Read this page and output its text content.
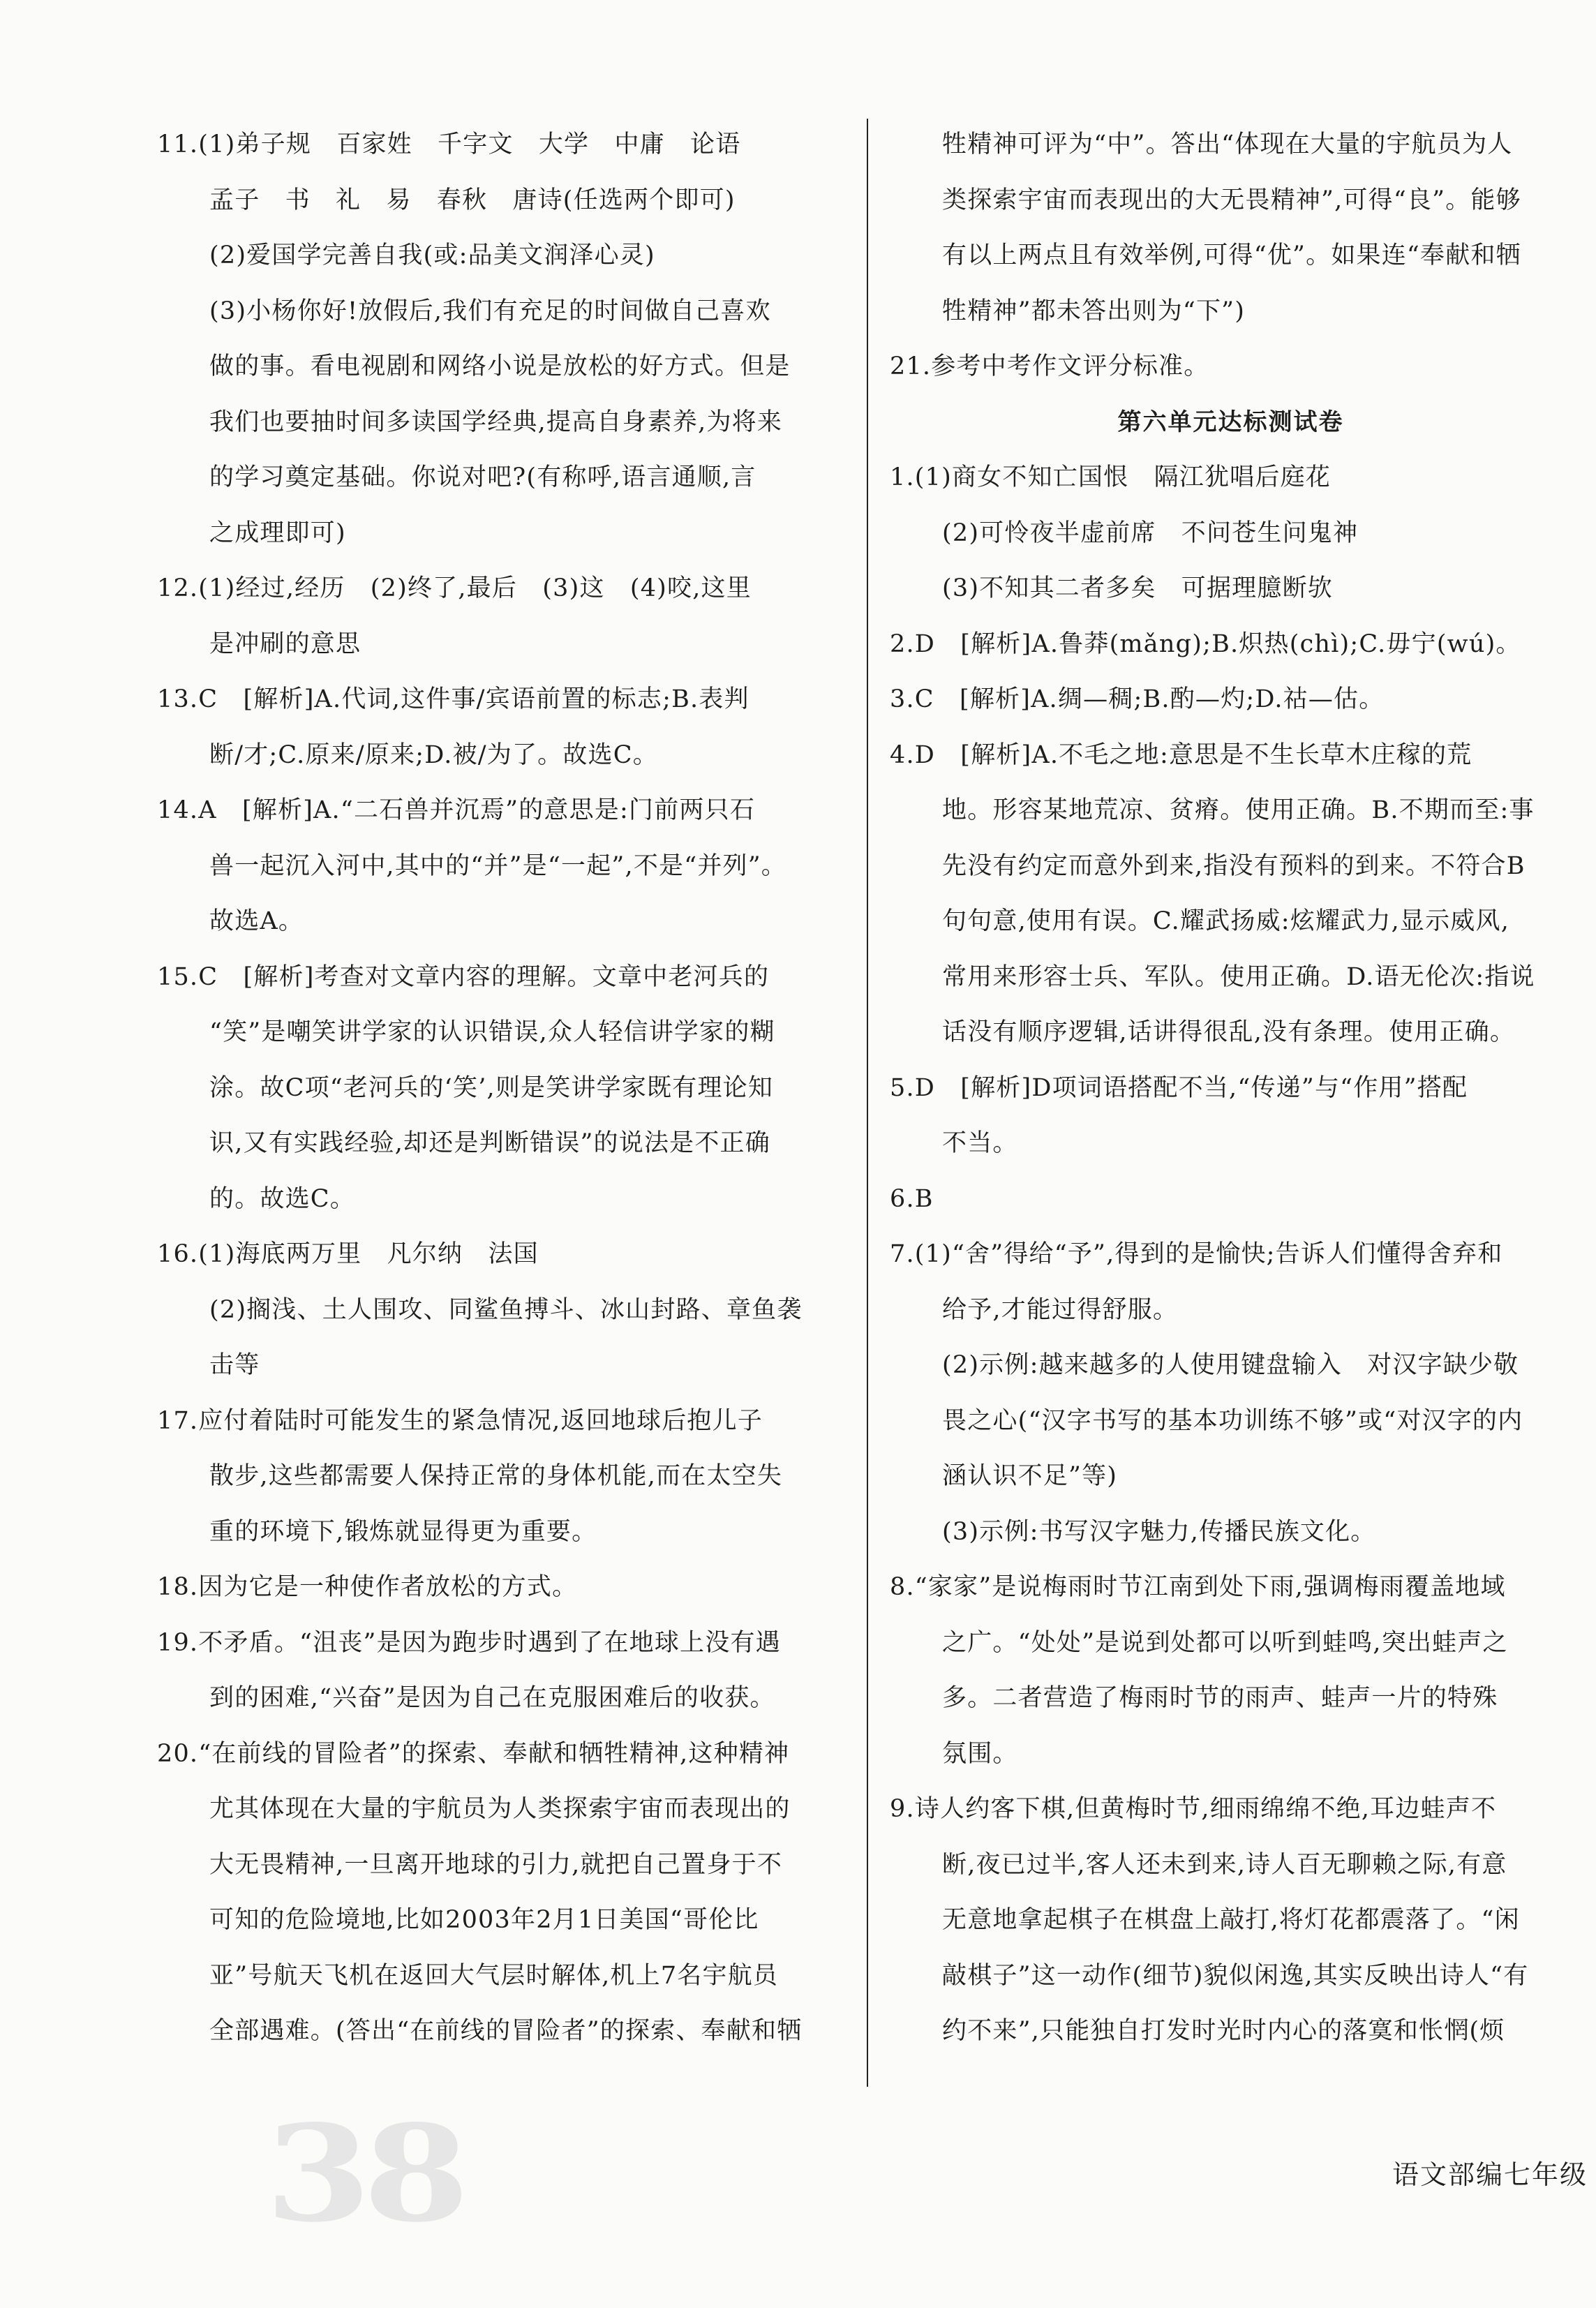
11.(1)弟子规　百家姓　千字文　大学　中庸　论语
孟子　书　礼　易　春秋　唐诗(任选两个即可)
(2)爱国学完善自我(或:品美文润泽心灵)
(3)小杨你好!放假后,我们有充足的时间做自己喜欢
做的事。看电视剧和网络小说是放松的好方式。但是
我们也要抽时间多读国学经典,提高自身素养,为将来
的学习奠定基础。你说对吧?(有称呼,语言通顺,言
之成理即可)
12.(1)经过,经历　(2)终了,最后　(3)这　(4)咬,这里
是冲刷的意思
13.C　[解析]A.代词,这件事/宾语前置的标志;B.表判
断/才;C.原来/原来;D.被/为了。故选C。
14.A　[解析]A.“二石兽并沉焉”的意思是:门前两只石
兽一起沉入河中,其中的“并”是“一起”,不是“并列”。
故选A。
15.C　[解析]考查对文章内容的理解。文章中老河兵的
“笑”是嘲笑讲学家的认识错误,众人轻信讲学家的糊
涂。故C项“老河兵的‘笑’,则是笑讲学家既有理论知
识,又有实践经验,却还是判断错误”的说法是不正确
的。故选C。
16.(1)海底两万里　凡尔纳　法国
(2)搁浅、土人围攻、同鲨鱼搏斗、冰山封路、章鱼袭
击等
17.应付着陆时可能发生的紧急情况,返回地球后抱儿子
散步,这些都需要人保持正常的身体机能,而在太空失
重的环境下,锻炼就显得更为重要。
18.因为它是一种使作者放松的方式。
19.不矛盾。“沮丧”是因为跑步时遇到了在地球上没有遇
到的困难,“兴奋”是因为自己在克服困难后的收获。
20.“在前线的冒险者”的探索、奉献和牺牲精神,这种精神
尤其体现在大量的宇航员为人类探索宇宙而表现出的
大无畏精神,一旦离开地球的引力,就把自己置身于不
可知的危险境地,比如2003年2月1日美国“哥伦比
亚”号航天飞机在返回大气层时解体,机上7名宇航员
全部遇难。(答出“在前线的冒险者”的探索、奉献和牺
牲精神可评为“中”。答出“体现在大量的宇航员为人
类探索宇宙而表现出的大无畏精神”,可得“良”。能够
有以上两点且有效举例,可得“优”。如果连“奉献和牺
牲精神”都未答出则为“下”)
21.参考中考作文评分标准。
第六单元达标测试卷
1.(1)商女不知亡国恨　隔江犹唱后庭花
(2)可怜夜半虚前席　不问苍生问鬼神
(3)不知其二者多矣　可据理臆断欤
2.D　[解析]A.鲁莽(mǎng);B.炽热(chì);C.毋宁(wú)。
3.C　[解析]A.绸—稠;B.酌—灼;D.祜—估。
4.D　[解析]A.不毛之地:意思是不生长草木庄稼的荒
地。形容某地荒凉、贫瘠。使用正确。B.不期而至:事
先没有约定而意外到来,指没有预料的到来。不符合B
句句意,使用有误。C.耀武扬威:炫耀武力,显示威风,
常用来形容士兵、军队。使用正确。D.语无伦次:指说
话没有顺序逻辑,话讲得很乱,没有条理。使用正确。
5.D　[解析]D项词语搭配不当,“传递”与“作用”搭配
不当。
6.B
7.(1)“舍”得给“予”,得到的是愉快;告诉人们懂得舍弃和
给予,才能过得舒服。
(2)示例:越来越多的人使用键盘输入　对汉字缺少敬
畏之心(“汉字书写的基本功训练不够”或“对汉字的内
涵认识不足”等)
(3)示例:书写汉字魅力,传播民族文化。
8.“家家”是说梅雨时节江南到处下雨,强调梅雨覆盖地域
之广。“处处”是说到处都可以听到蛙鸣,突出蛙声之
多。二者营造了梅雨时节的雨声、蛙声一片的特殊
氛围。
9.诗人约客下棋,但黄梅时节,细雨绵绵不绝,耳边蛙声不
断,夜已过半,客人还未到来,诗人百无聊赖之际,有意
无意地拿起棋子在棋盘上敲打,将灯花都震落了。“闲
敲棋子”这一动作(细节)貌似闲逸,其实反映出诗人“有
约不来”,只能独自打发时光时内心的落寞和怅惘(烦
38	语文部编七年级
